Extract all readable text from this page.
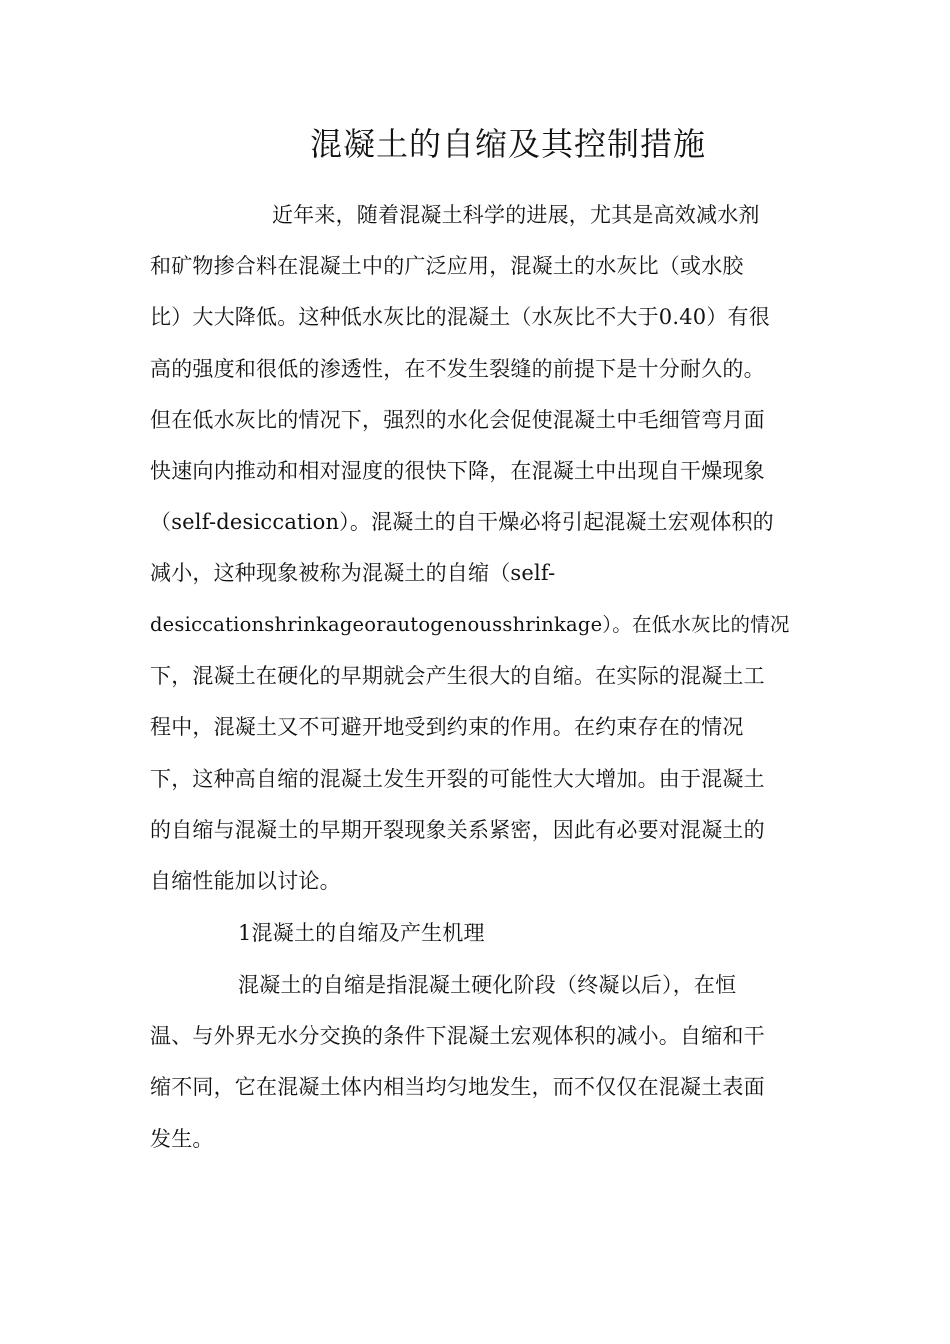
混凝土的自缩及其控制措施
近年来，随着混凝土科学的进展，尤其是高效减水剂
和矿物掺合料在混凝土中的广泛应用，混凝土的水灰比（或水胶
比）大大降低。这种低水灰比的混凝土（水灰比不大于0.40）有很
高的强度和很低的渗透性，在不发生裂缝的前提下是十分耐久的。
但在低水灰比的情况下，强烈的水化会促使混凝土中毛细管弯月面
快速向内推动和相对湿度的很快下降，在混凝土中出现自干燥现象
（self-desiccation）。混凝土的自干燥必将引起混凝土宏观体积的
减小，这种现象被称为混凝土的自缩（self-
desiccationshrinkageorautogenousshrinkage）。在低水灰比的情况
下，混凝土在硬化的早期就会产生很大的自缩。在实际的混凝土工
程中，混凝土又不可避开地受到约束的作用。在约束存在的情况
下，这种高自缩的混凝土发生开裂的可能性大大增加。由于混凝土
的自缩与混凝土的早期开裂现象关系紧密，因此有必要对混凝土的
自缩性能加以讨论。
1混凝土的自缩及产生机理
混凝土的自缩是指混凝土硬化阶段（终凝以后），在恒
温、与外界无水分交换的条件下混凝土宏观体积的减小。自缩和干
缩不同，它在混凝土体内相当均匀地发生，而不仅仅在混凝土表面
发生。
